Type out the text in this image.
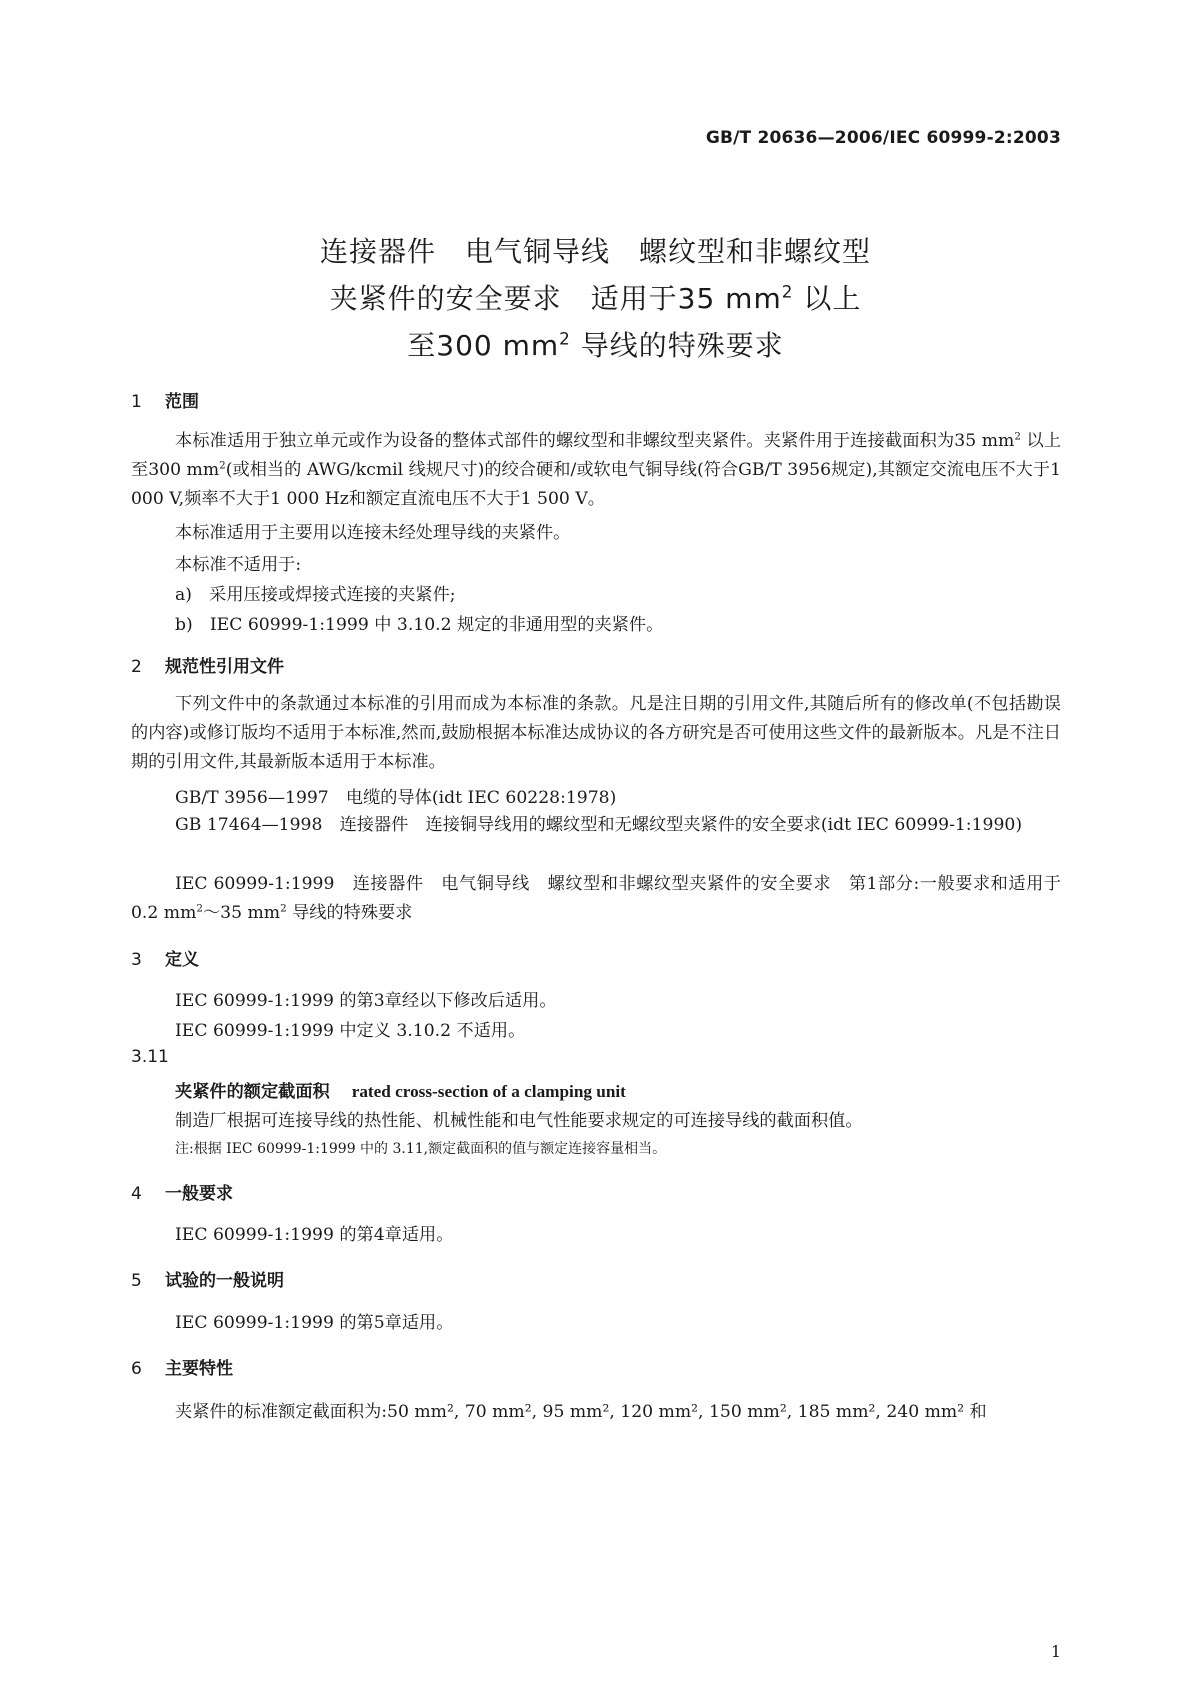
GB/T 20636—2006/IEC 60999-2:2003
连接器件　电气铜导线　螺纹型和非螺纹型
夹紧件的安全要求　适用于35 $mm^2$ 以上
至300 $mm^2$ 导线的特殊要求
1 范围
本标准适用于独立单元或作为设备的整体式部件的螺纹型和非螺纹型夹紧件。夹紧件用于连接截面积为35 $mm^2$ 以上至300 $mm^2$(或相当的 AWG/kcmil 线规尺寸)的绞合硬和/或软电气铜导线(符合GB/T 3956规定),其额定交流电压不大于1 000 V,频率不大于1 000 Hz和额定直流电压不大于1 500 V。
本标准适用于主要用以连接未经处理导线的夹紧件。
本标准不适用于:
a)　采用压接或焊接式连接的夹紧件;
b)　IEC 60999-1:1999 中 3.10.2 规定的非通用型的夹紧件。
2 规范性引用文件
下列文件中的条款通过本标准的引用而成为本标准的条款。凡是注日期的引用文件,其随后所有的修改单(不包括勘误的内容)或修订版均不适用于本标准,然而,鼓励根据本标准达成协议的各方研究是否可使用这些文件的最新版本。凡是不注日期的引用文件,其最新版本适用于本标准。
GB/T 3956—1997　电缆的导体(idt IEC 60228:1978)
GB 17464—1998　连接器件　连接铜导线用的螺纹型和无螺纹型夹紧件的安全要求(idt IEC 60999-1:1990)
IEC 60999-1:1999　连接器件　电气铜导线　螺纹型和非螺纹型夹紧件的安全要求　第1部分:一般要求和适用于0.2 $mm^2\sim 35$ $mm^2$ 导线的特殊要求
3 定义
IEC 60999-1:1999 的第3章经以下修改后适用。
IEC 60999-1:1999 中定义 3.10.2 不适用。
3.11
夹紧件的额定截面积 rated cross-section of a clamping unit
制造厂根据可连接导线的热性能、机械性能和电气性能要求规定的可连接导线的截面积值。
注:根据 IEC 60999-1:1999 中的 3.11,额定截面积的值与额定连接容量相当。
4 一般要求
IEC 60999-1:1999 的第4章适用。
5 试验的一般说明
IEC 60999-1:1999 的第5章适用。
6 主要特性
夹紧件的标准额定截面积为:50 mm², 70 mm², 95 mm², 120 mm², 150 mm², 185 mm², 240 mm² 和
1
